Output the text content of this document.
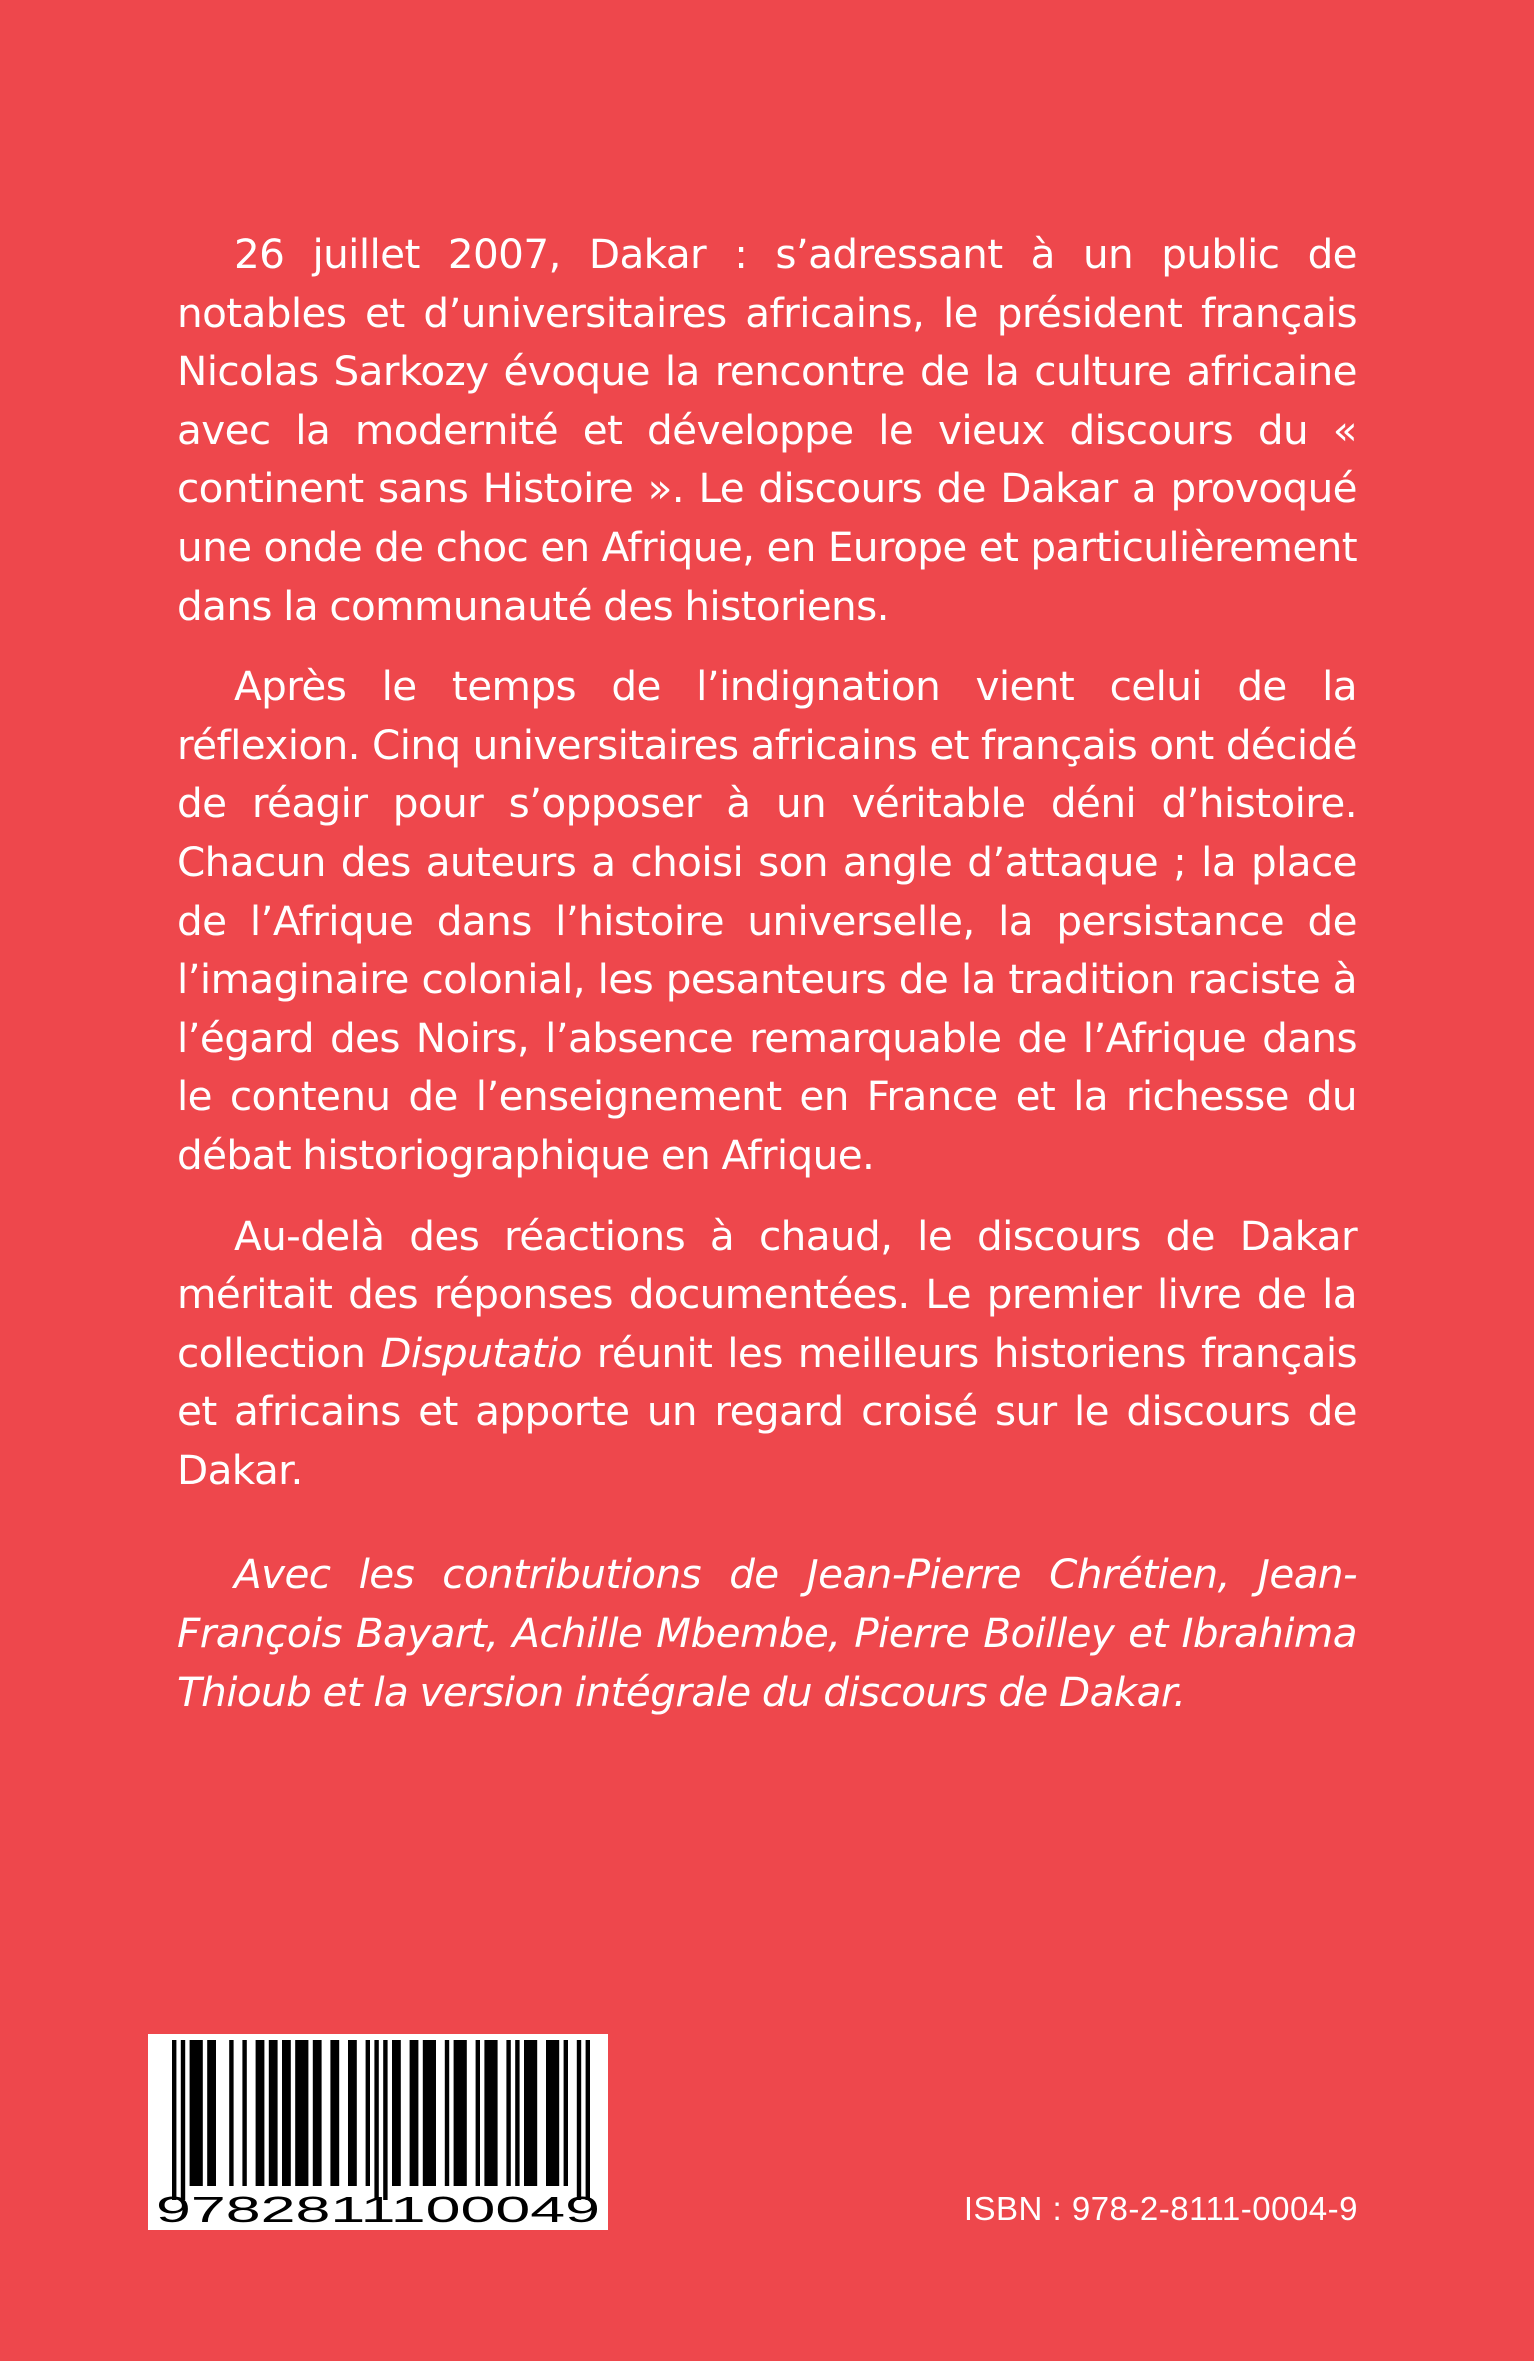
26 juillet 2007, Dakar : s’adressant à un public de notables et d’universitaires africains, le président français Nicolas Sarkozy évoque la rencontre de la culture africaine avec la modernité et développe le vieux discours du « continent sans Histoire ». Le discours de Dakar a provoqué une onde de choc en Afrique, en Europe et particulièrement dans la communauté des historiens.

Après le temps de l’indignation vient celui de la réflexion. Cinq universitaires africains et français ont décidé de réagir pour s’opposer à un véritable déni d’histoire. Chacun des auteurs a choisi son angle d’attaque ; la place de l’Afrique dans l’histoire universelle, la persistance de l’imaginaire colonial, les pesanteurs de la tradition raciste à l’égard des Noirs, l’absence remarquable de l’Afrique dans le contenu de l’enseignement en France et la richesse du débat historiographique en Afrique.

Au-delà des réactions à chaud, le discours de Dakar méritait des réponses documentées. Le premier livre de la collection Disputatio réunit les meilleurs historiens français et africains et apporte un regard croisé sur le discours de Dakar.

Avec les contributions de Jean-Pierre Chrétien, Jean-François Bayart, Achille Mbembe, Pierre Boilley et Ibrahima Thioub et la version intégrale du discours de Dakar.

9782811100049	ISBN : 978-2-8111-0004-9
